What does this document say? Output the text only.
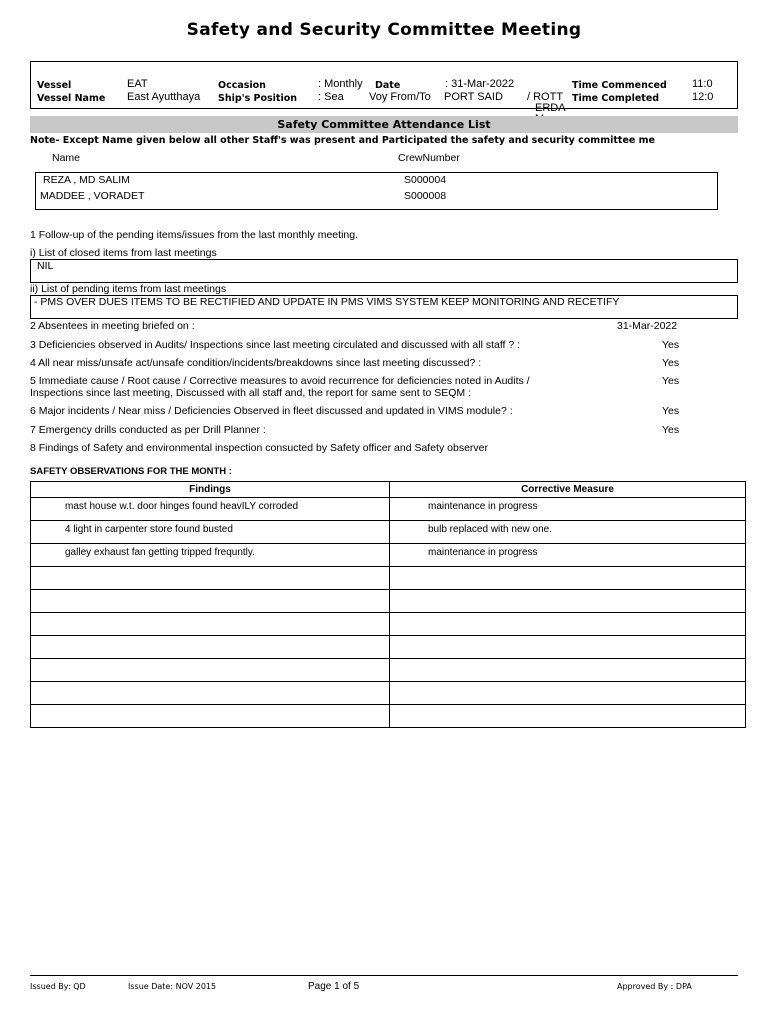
Safety and Security Committee Meeting
Vessel	EAT
Vessel Name East Ayutthaya
Occasion	: Monthly
Ship's Position : Sea
Date	: 31-Mar-2022
Voy From/To PORT SAID / ROTT
ERDA
Time Commenced 11:0
Time Completed	12:0
Safety Committee Attendance List
Note- Except Name given below all other Staff's was present and Participated the safety and security committee me
Name	CrewNumber
REZA , MD SALIM	S000004
MADDEE , VORADET	S000008
1 Follow-up of the pending items/issues from the last monthly meeting.
i) List of closed items from last meetings
NIL
ii) List of pending items from last meetings
- PMS OVER DUES ITEMS TO BE RECTIFIED AND UPDATE IN PMS VIMS SYSTEM KEEP MONITORING AND RECETIFY
2 Absentees in meeting briefed on :	31-Mar-2022
3 Deficiencies observed in Audits/ Inspections since last meeting circulated and discussed with all staff ? :	Yes
4 All near miss/unsafe act/unsafe condition/incidents/breakdowns since last meeting discussed? :	Yes
5 Immediate cause / Root cause / Corrective measures to avoid recurrence for deficiencies noted in Audits /
Inspections since last meeting, Discussed with all staff and, the report for same sent to SEQM :
Yes
6 Major incidents / Near miss / Deficiencies Observed in fleet discussed and updated in VIMS module? :	Yes
7 Emergency drills conducted as per Drill Planner :	Yes
8 Findings of Safety and environmental inspection consucted by Safety officer and Safety observer
SAFETY OBSERVATIONS FOR THE MONTH :
Findings	Corrective Measure
mast house w.t. door hinges found heavILY corroded	maintenance in progress
4 light in carpenter store found busted	bulb replaced with new one.
galley exhaust fan getting tripped frequntly.	maintenance in progress

Issued By: QD	Issue Date: NOV 2015	Page 1 of 5	Approved By : DPA
